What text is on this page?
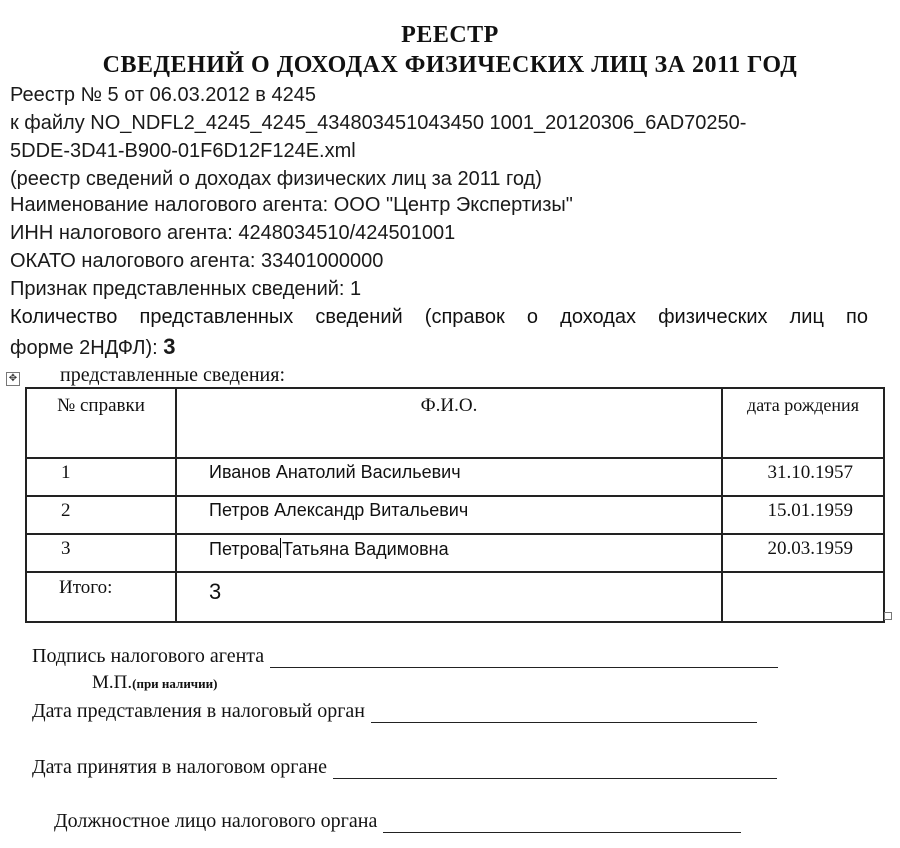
РЕЕСТР
СВЕДЕНИЙ О ДОХОДАХ ФИЗИЧЕСКИХ ЛИЦ ЗА 2011 ГОД
Реестр № 5 от 06.03.2012 в 4245
к файлу NO_NDFL2_4245_4245_434803451043450 1001_20120306_6AD70250-
5DDE-3D41-B900-01F6D12F124E.xml
(реестр сведений о доходах физических лиц за 2011 год)
Наименование налогового агента: ООО "Центр Экспертизы"
ИНН налогового агента: 4248034510/424501001
ОКАТО налогового агента: 33401000000
Признак представленных сведений: 1
Количество представленных сведений (справок о доходах физических лиц по
форме 2НДФЛ): 3
✥ представленные сведения:
№ справки	Ф.И.О.	дата рождения
1	Иванов Анатолий Васильевич	31.10.1957
2	Петров Александр Витальевич	15.01.1959
3	Петрова Татьяна Вадимовна	20.03.1959
Итого:	3	
Подпись налогового агента
М.П.(при наличии)
Дата представления в налоговый орган
Дата принятия в налоговом органе
Должностное лицо налогового органа
